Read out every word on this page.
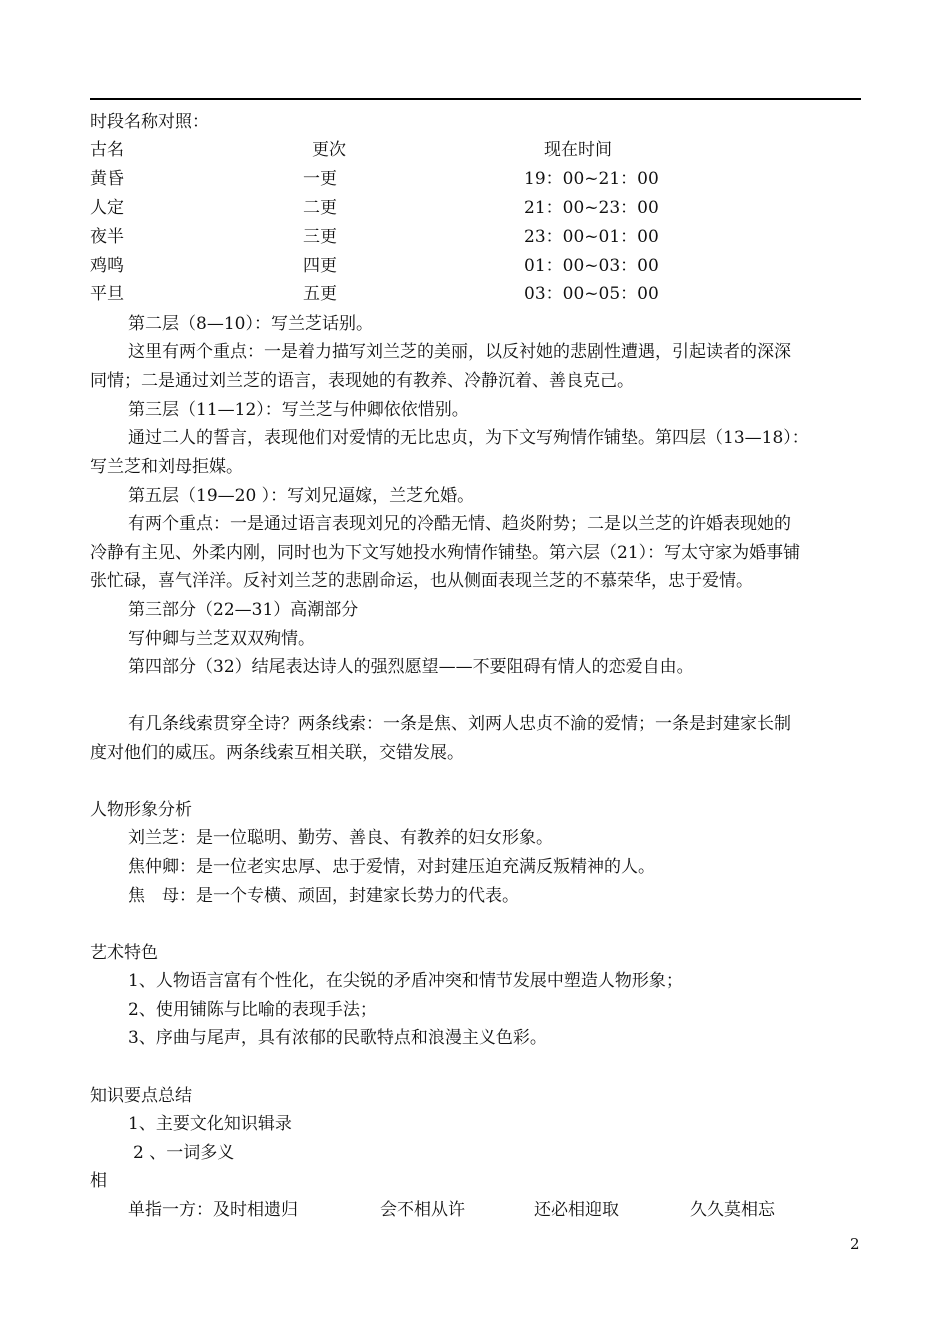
时段名称对照：
古名	更次	现在时间
黄昏	一更	19：00~21：00
人定	二更	21：00~23：00
夜半	三更	23：00~01：00
鸡鸣	四更	01：00~03：00
平旦	五更	03：00~05：00
第二层（8—10）：写兰芝话别。
这里有两个重点：一是着力描写刘兰芝的美丽，以反衬她的悲剧性遭遇，引起读者的深深
同情；二是通过刘兰芝的语言，表现她的有教养、冷静沉着、善良克己。
第三层（11—12）：写兰芝与仲卿依依惜别。
通过二人的誓言，表现他们对爱情的无比忠贞，为下文写殉情作铺垫。第四层（13—18）：
写兰芝和刘母拒媒。
第五层（19—20 ）：写刘兄逼嫁，兰芝允婚。
有两个重点：一是通过语言表现刘兄的冷酷无情、趋炎附势；二是以兰芝的许婚表现她的
冷静有主见、外柔内刚，同时也为下文写她投水殉情作铺垫。第六层（21）：写太守家为婚事铺
张忙碌，喜气洋洋。反衬刘兰芝的悲剧命运，也从侧面表现兰芝的不慕荣华，忠于爱情。
第三部分（22—31）高潮部分
写仲卿与兰芝双双殉情。
第四部分（32）结尾表达诗人的强烈愿望——不要阻碍有情人的恋爱自由。
有几条线索贯穿全诗？两条线索：一条是焦、刘两人忠贞不渝的爱情；一条是封建家长制
度对他们的威压。两条线索互相关联，交错发展。
人物形象分析
刘兰芝：是一位聪明、勤劳、善良、有教养的妇女形象。
焦仲卿：是一位老实忠厚、忠于爱情，对封建压迫充满反叛精神的人。
焦　母：是一个专横、顽固，封建家长势力的代表。
艺术特色
1、人物语言富有个性化，在尖锐的矛盾冲突和情节发展中塑造人物形象；
2、使用铺陈与比喻的表现手法；
3、序曲与尾声，具有浓郁的民歌特点和浪漫主义色彩。
知识要点总结
1、主要文化知识辑录
2 、一词多义
相
单指一方：及时相遗归	会不相从许	还必相迎取	久久莫相忘
2
